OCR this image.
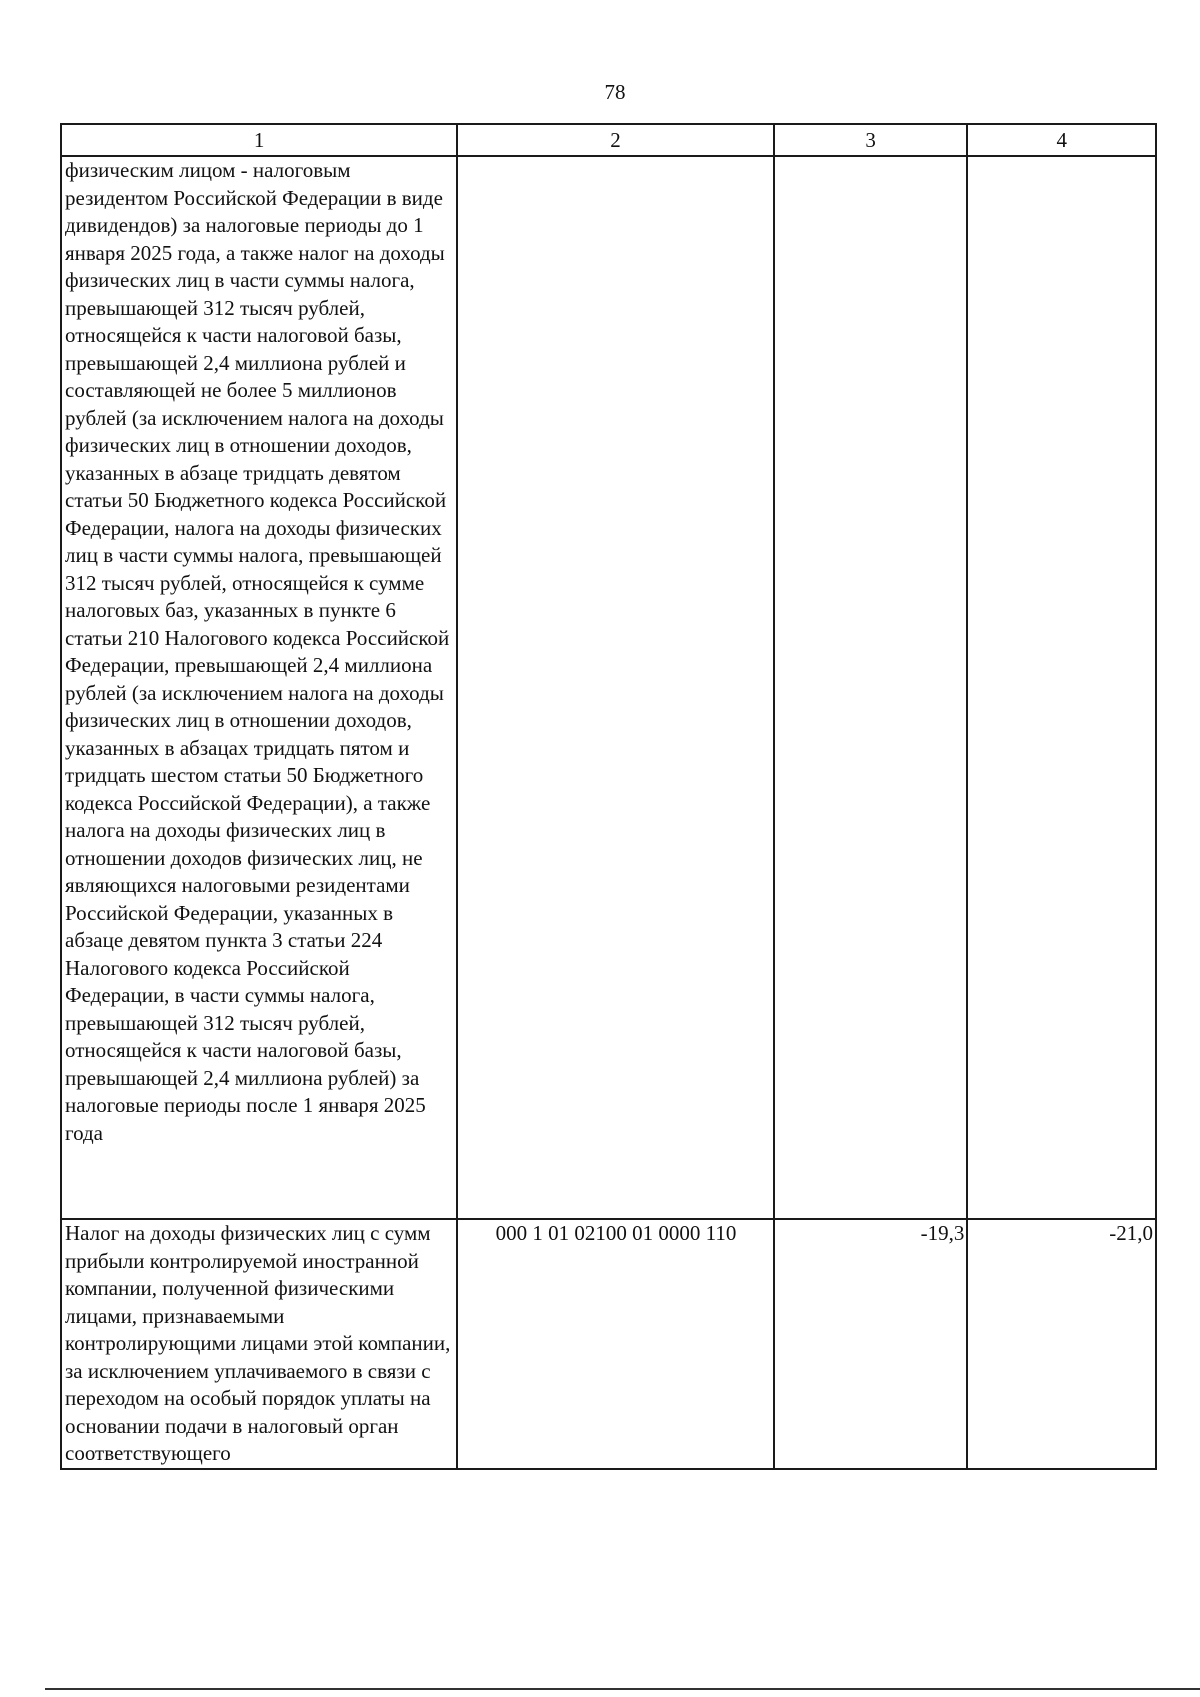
78
1	2	3	4
физическим лицом - налоговым резидентом Российской Федерации в виде дивидендов) за налоговые периоды до 1 января 2025 года, а также налог на доходы физических лиц в части суммы налога, превышающей 312 тысяч рублей, относящейся к части налоговой базы, превышающей 2,4 миллиона рублей и составляющей не более 5 миллионов рублей (за исключением налога на доходы физических лиц в отношении доходов, указанных в абзаце тридцать девятом статьи 50 Бюджетного кодекса Российской Федерации, налога на доходы физических лиц в части суммы налога, превышающей 312 тысяч рублей, относящейся к сумме налоговых баз, указанных в пункте 6 статьи 210 Налогового кодекса Российской Федерации, превышающей 2,4 миллиона рублей (за исключением налога на доходы физических лиц в отношении доходов, указанных в абзацах тридцать пятом и тридцать шестом статьи 50 Бюджетного кодекса Российской Федерации), а также налога на доходы физических лиц в отношении доходов физических лиц, не являющихся налоговыми резидентами Российской Федерации, указанных в абзаце девятом пункта 3 статьи 224 Налогового кодекса Российской Федерации, в части суммы налога, превышающей 312 тысяч рублей, относящейся к части налоговой базы, превышающей 2,4 миллиона рублей) за налоговые периоды после 1 января 2025 года			
Налог на доходы физических лиц с сумм прибыли контролируемой иностранной компании, полученной физическими лицами, признаваемыми контролирующими лицами этой компании, за исключением уплачиваемого в связи с переходом на особый порядок уплаты на основании подачи в налоговый орган соответствующего	000 1 01 02100 01 0000 110	-19,3	-21,0
